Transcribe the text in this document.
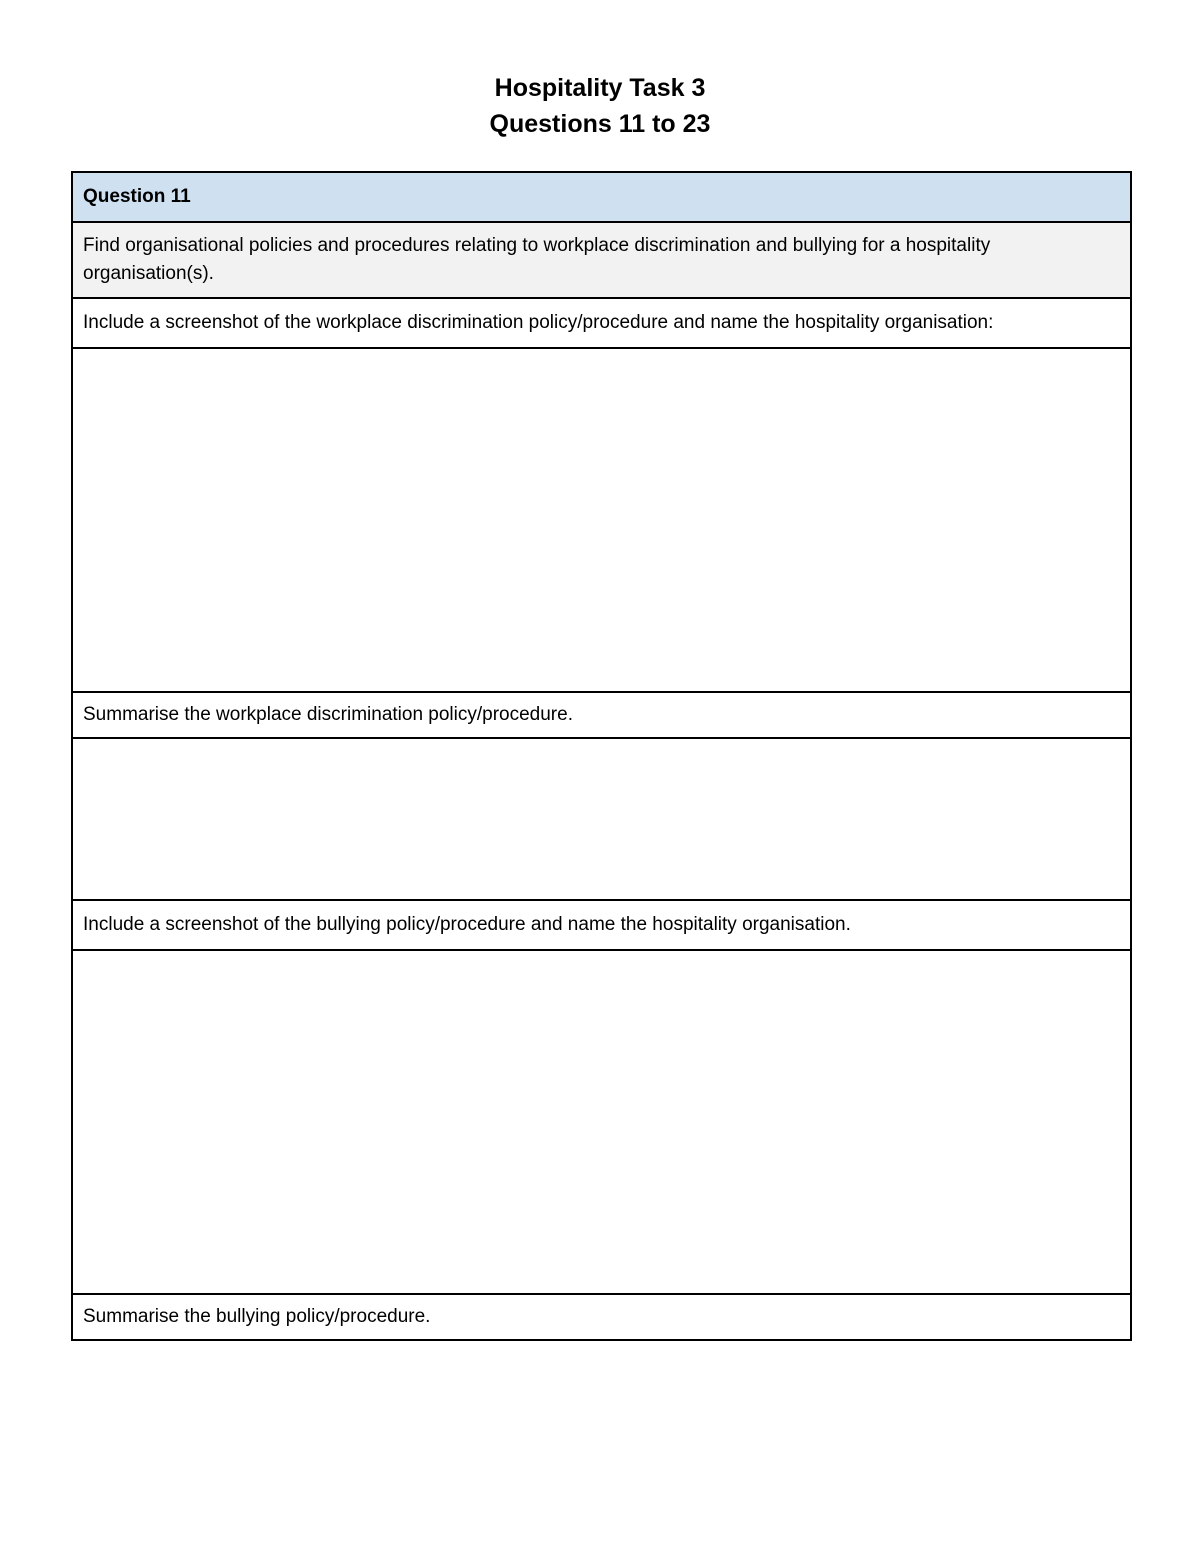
Hospitality Task 3
Questions 11 to 23
Question 11
Find organisational policies and procedures relating to workplace discrimination and bullying for a hospitality organisation(s).
Include a screenshot of the workplace discrimination policy/procedure and name the hospitality organisation:

Summarise the workplace discrimination policy/procedure.

Include a screenshot of the bullying policy/procedure and name the hospitality organisation.

Summarise the bullying policy/procedure.
